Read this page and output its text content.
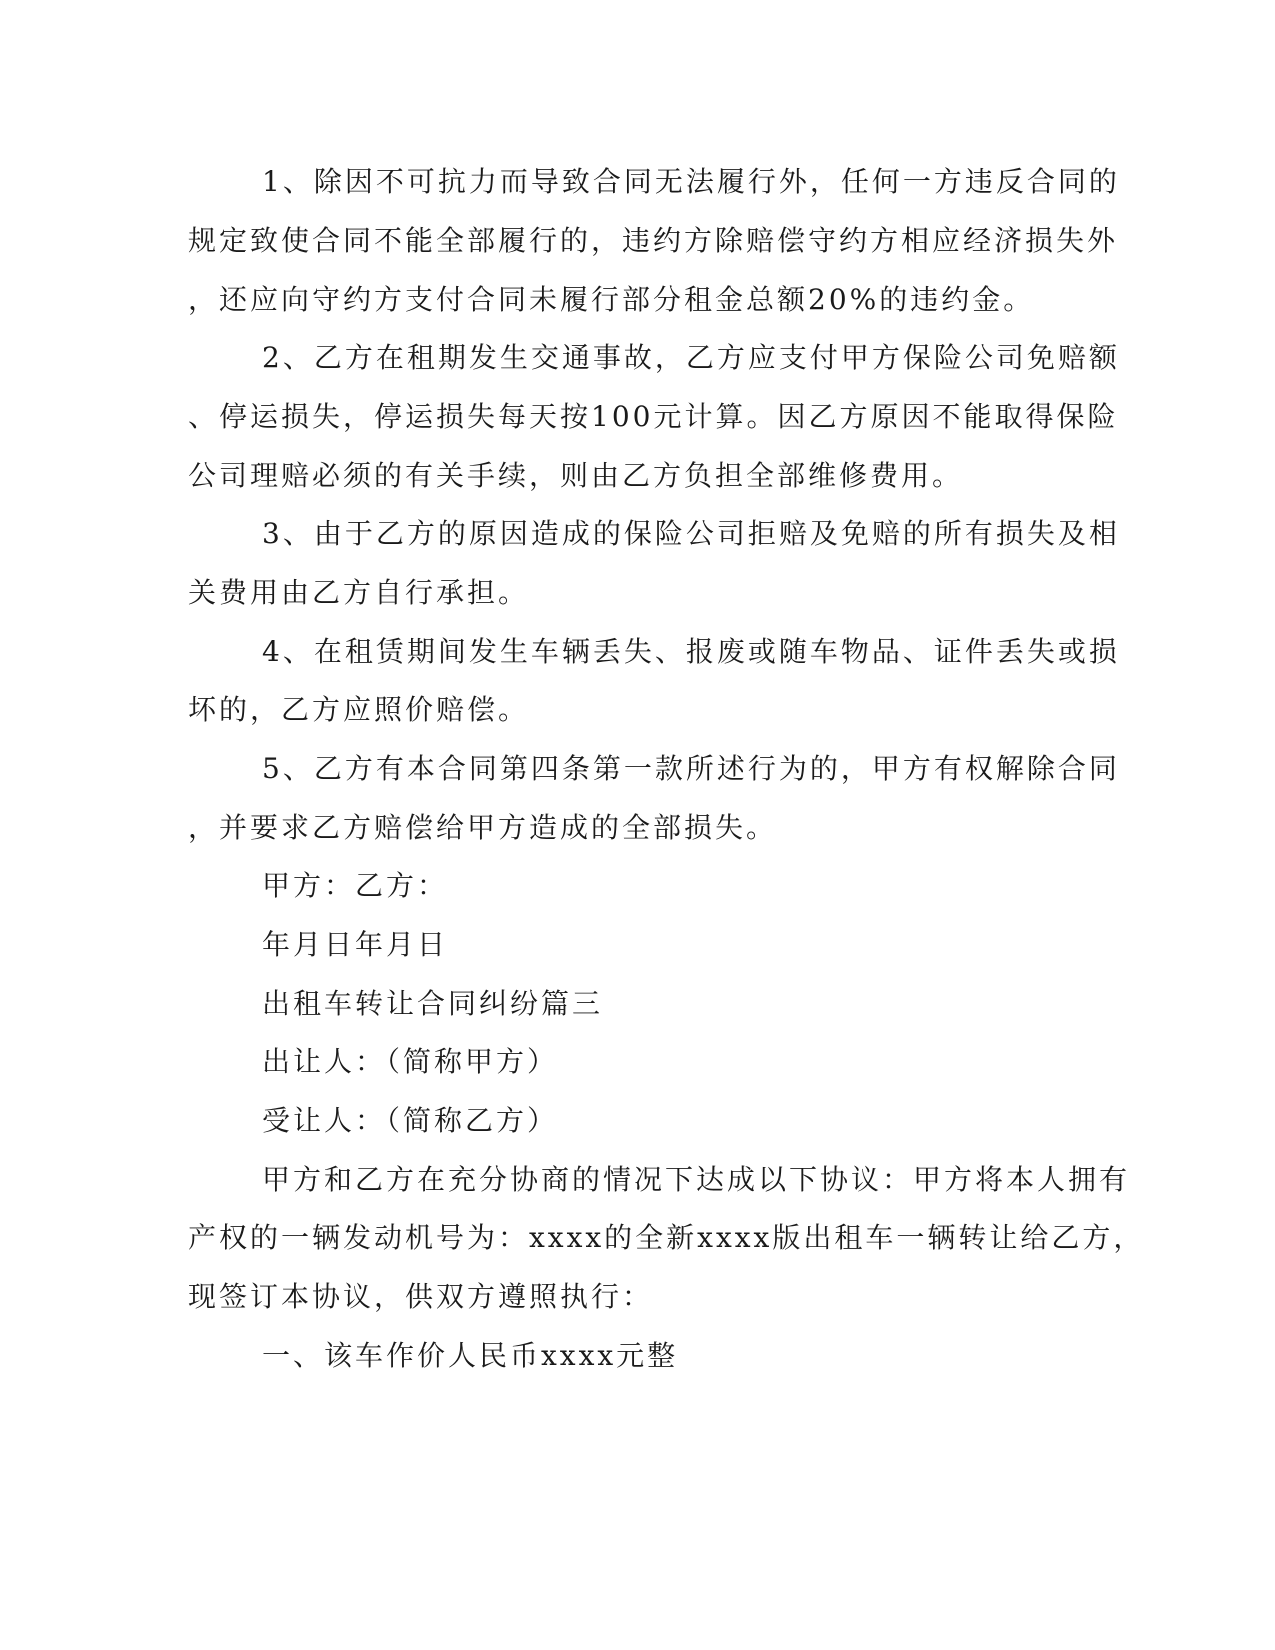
1、除因不可抗力而导致合同无法履行外，任何一方违反合同的
规定致使合同不能全部履行的，违约方除赔偿守约方相应经济损失外
，还应向守约方支付合同未履行部分租金总额20%的违约金。
2、乙方在租期发生交通事故，乙方应支付甲方保险公司免赔额
、停运损失，停运损失每天按100元计算。因乙方原因不能取得保险
公司理赔必须的有关手续，则由乙方负担全部维修费用。
3、由于乙方的原因造成的保险公司拒赔及免赔的所有损失及相
关费用由乙方自行承担。
4、在租赁期间发生车辆丢失、报废或随车物品、证件丢失或损
坏的，乙方应照价赔偿。
5、乙方有本合同第四条第一款所述行为的，甲方有权解除合同
，并要求乙方赔偿给甲方造成的全部损失。
甲方：乙方：
年月日年月日
出租车转让合同纠纷篇三
出让人：（简称甲方）
受让人：（简称乙方）
甲方和乙方在充分协商的情况下达成以下协议：甲方将本人拥有
产权的一辆发动机号为：xxxx的全新xxxx版出租车一辆转让给乙方，
现签订本协议，供双方遵照执行：
一、该车作价人民币xxxx元整
